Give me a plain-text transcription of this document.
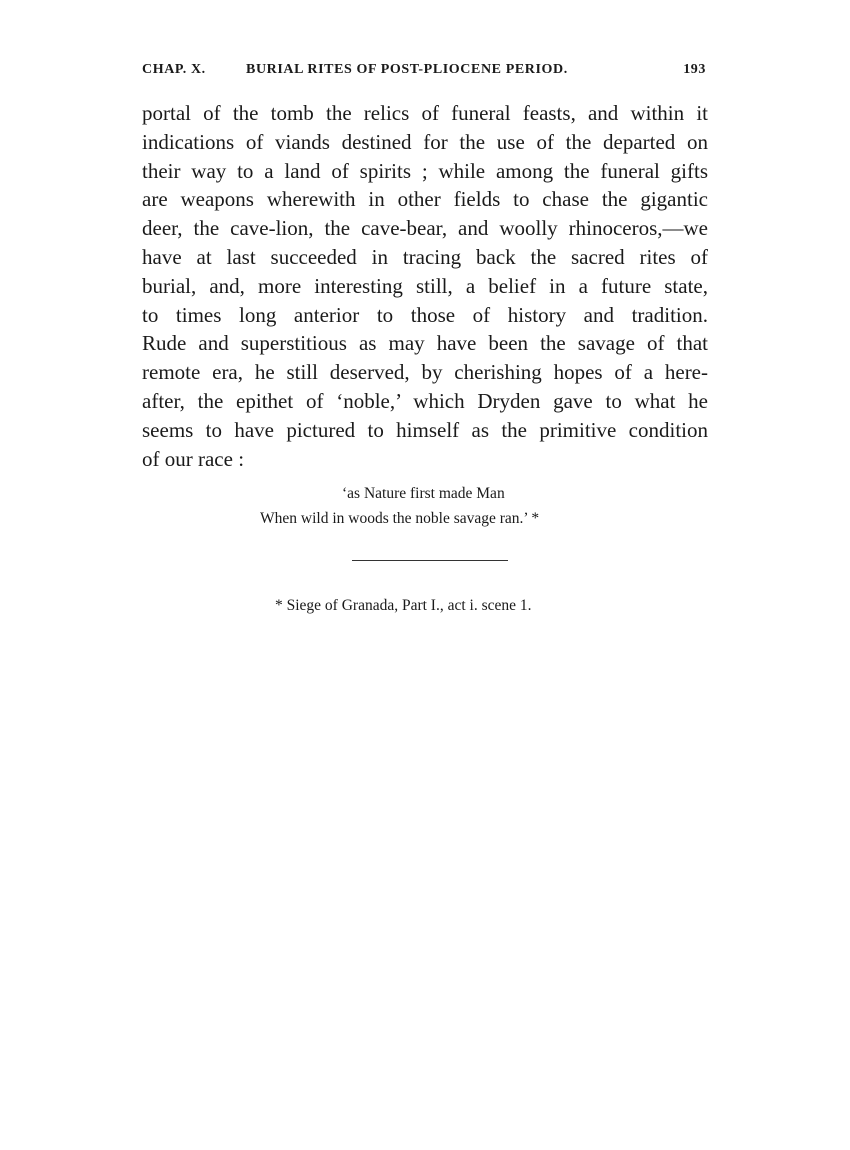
CHAP. X.	BURIAL RITES OF POST-PLIOCENE PERIOD.	193
portal of the tomb the relics of funeral feasts, and within it
indications of viands destined for the use of the departed on
their way to a land of spirits ; while among the funeral gifts
are weapons wherewith in other fields to chase the gigantic
deer, the cave-lion, the cave-bear, and woolly rhinoceros,—we
have at last succeeded in tracing back the sacred rites of
burial, and, more interesting still, a belief in a future state,
to times long anterior to those of history and tradition.
Rude and superstitious as may have been the savage of that
remote era, he still deserved, by cherishing hopes of a here-
after, the epithet of ‘noble,’ which Dryden gave to what he
seems to have pictured to himself as the primitive condition
of our race :
‘as Nature first made Man
When wild in woods the noble savage ran.’ *
* Siege of Granada, Part I., act i. scene 1.
